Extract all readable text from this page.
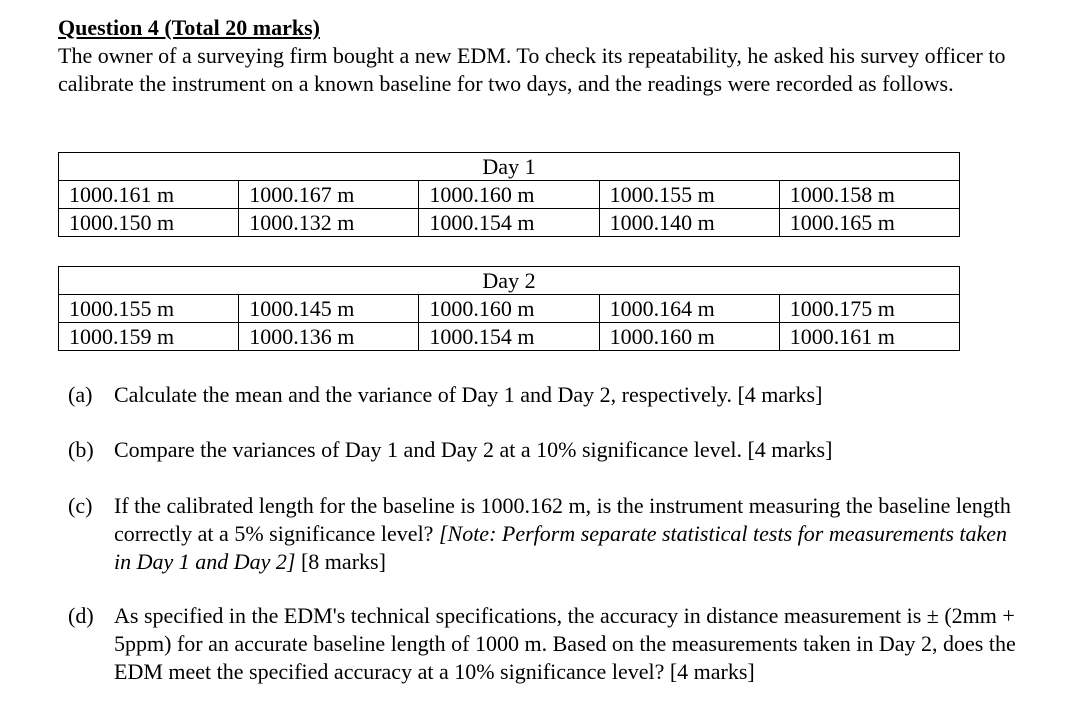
Question 4 (Total 20 marks)

The owner of a surveying firm bought a new EDM. To check its repeatability, he asked his survey officer to calibrate the instrument on a known baseline for two days, and the readings were recorded as follows.

Day 1				
1000.161 m	1000.167 m	1000.160 m	1000.155 m	1000.158 m
1000.150 m	1000.132 m	1000.154 m	1000.140 m	1000.165 m
Day 2				
1000.155 m	1000.145 m	1000.160 m	1000.164 m	1000.175 m
1000.159 m	1000.136 m	1000.154 m	1000.160 m	1000.161 m
(a) Calculate the mean and the variance of Day 1 and Day 2, respectively. [4 marks]
(b) Compare the variances of Day 1 and Day 2 at a 10% significance level. [4 marks]
(c) If the calibrated length for the baseline is 1000.162 m, is the instrument measuring the baseline length correctly at a 5% significance level? [Note: Perform separate statistical tests for measurements taken in Day 1 and Day 2] [8 marks]
(d) As specified in the EDM's technical specifications, the accuracy in distance measurement is ± (2mm + 5ppm) for an accurate baseline length of 1000 m. Based on the measurements taken in Day 2, does the EDM meet the specified accuracy at a 10% significance level? [4 marks]
